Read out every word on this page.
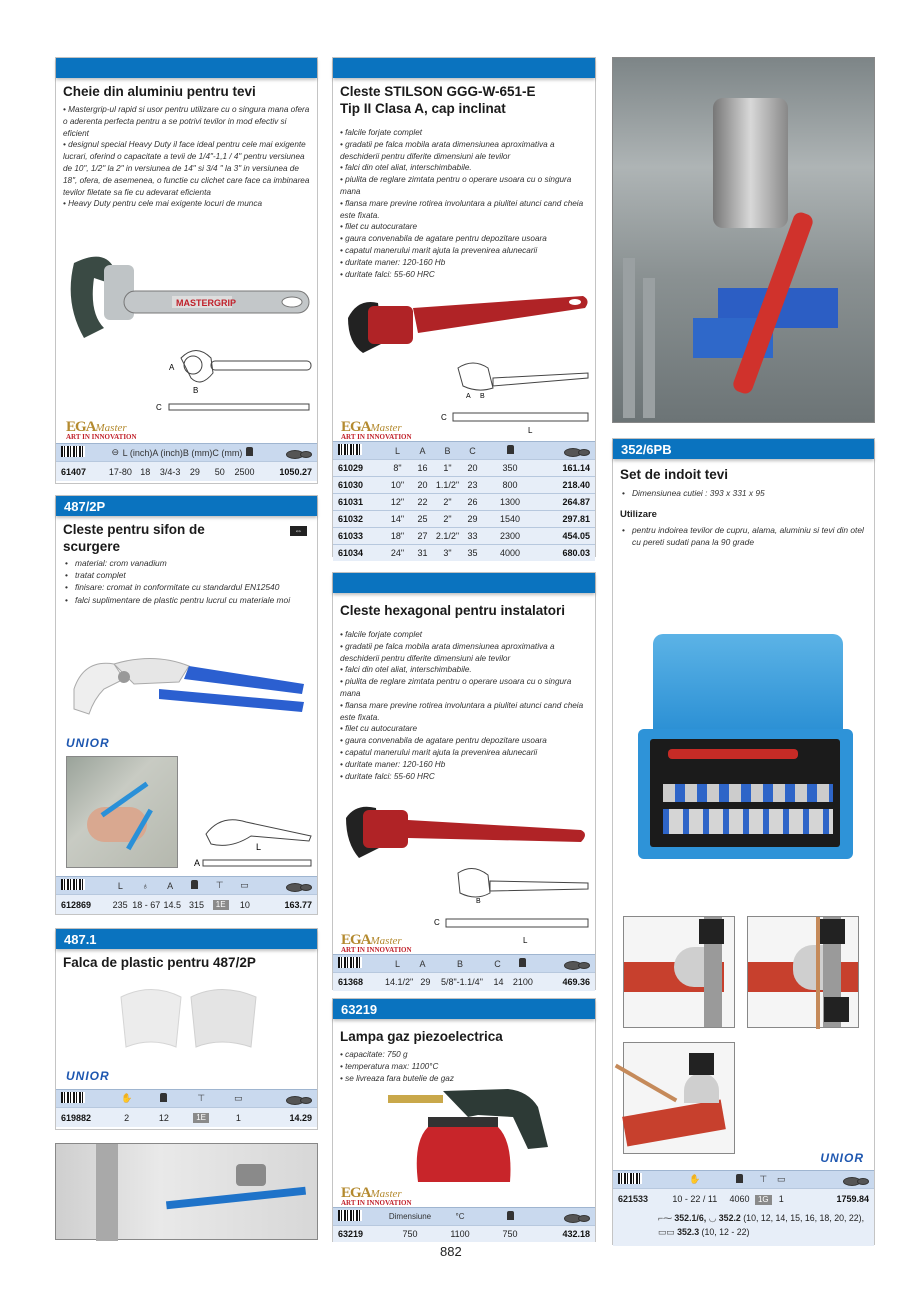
Cheie din aluminiu pentru tevi
• Mastergrip-ul rapid si usor pentru utilizare cu o singura mana ofera o aderenta perfecta pentru a se potrivi tevilor in mod efectiv si eficient
• designul special Heavy Duty il face ideal pentru cele mai exigente lucrari, oferind o capacitate a tevii de 1/4"-1,1 / 4" pentru versiunea de 10", 1/2" la 2" in versiunea de 14" si 3/4 " la 3" in versiunea de 18", ofera, de asemenea, o functie cu clichet care face ca imbinarea tevilor filetate sa fie cu adevarat eficienta
• Heavy Duty pentru cele mai exigente locuri de munca
MASTERGRIP
A
B
C
EGAMaster
ART IN INNOVATION
⊖ L (inch) A (inch) B (mm) C (mm)
61407	17-80 18	3/4-3	29	50	2500	1050.27
487/2P
Cleste pentru sifon de scurgere
⇔
• material: crom vanadium
• tratat complet
• finisare: cromat in conformitate cu standardul EN12540
• falci suplimentare de plastic pentru lucrul cu materiale moi
UNIOR
L
A
L	♁	A	⊤	▭
612869	235 18 - 67 14.5 315	1E	10	163.77
487.1
Falca de plastic pentru 487/2P
UNIOR
✋	⊤	▭
619882	2	12	1E	1	14.29
Cleste STILSON GGG-W-651-E Tip II Clasa A, cap inclinat
• falcile forjate complet
• gradatii pe falca mobila arata dimensiunea aproximativa a deschiderii pentru diferite dimensiuni ale tevilor
• falci din otel aliat, interschimbabile.
• piulita de reglare zimtata pentru o operare usoara cu o singura mana
• flansa mare previne rotirea involuntara a piulitei atunci cand cheia este fixata.
• filet cu autocuratare
• gaura convenabila de agatare pentru depozitare usoara
• capatul manerului marit ajuta la prevenirea alunecarii
• duritate maner: 120-160 Hb
• duritate falci: 55-60 HRC
A B
C
L
EGAMaster
ART IN INNOVATION
L	A	B	C
61029	8"	16	1"	20	350	161.14
61030	10"	20 1.1/2" 23	800	218.40
61031	12"	22	2"	26	1300	264.87
61032	14"	25	2"	29	1540	297.81
61033	18"	27 2.1/2" 33	2300	454.05
61034	24"	31	3"	35	4000	680.03
Cleste hexagonal pentru instalatori
• falcile forjate complet
• gradatii pe falca mobila arata dimensiunea aproximativa a deschiderii pentru diferite dimensiuni ale tevilor
• falci din otel aliat, interschimbabile.
• piulita de reglare zimtata pentru o operare usoara cu o singura mana
• flansa mare previne rotirea involuntara a piulitei atunci cand cheia este fixata.
• filet cu autocuratare
• gaura convenabila de agatare pentru depozitare usoara
• capatul manerului marit ajuta la prevenirea alunecarii
• duritate maner: 120-160 Hb
• duritate falci: 55-60 HRC
B
C
L
EGAMaster
ART IN INNOVATION
L	A	B	C
61368	14.1/2" 29	5/8"-1.1/4"	14	2100	469.36
63219
Lampa gaz piezoelectrica
• capacitate: 750 g
• temperatura max: 1100°C
• se livreaza fara butelie de gaz
EGAMaster
ART IN INNOVATION
Dimensiune	°C
63219	750	1100	750	432.18
352/6PB
Set de indoit tevi
• Dimensiunea cutiei : 393 x 331 x 95
Utilizare
• pentru indoirea tevilor de cupru, alama, aluminiu si tevi din otel cu pereti sudati pana la 90 grade
UNIOR
✋	⊤	▭
621533	10 - 22 / 11	4060	1G	1	1759.84
⌐⁓ 352.1/6, ◡ 352.2 (10, 12, 14, 15, 16, 18, 20, 22), ▭▭ 352.3 (10, 12 - 22)
882
